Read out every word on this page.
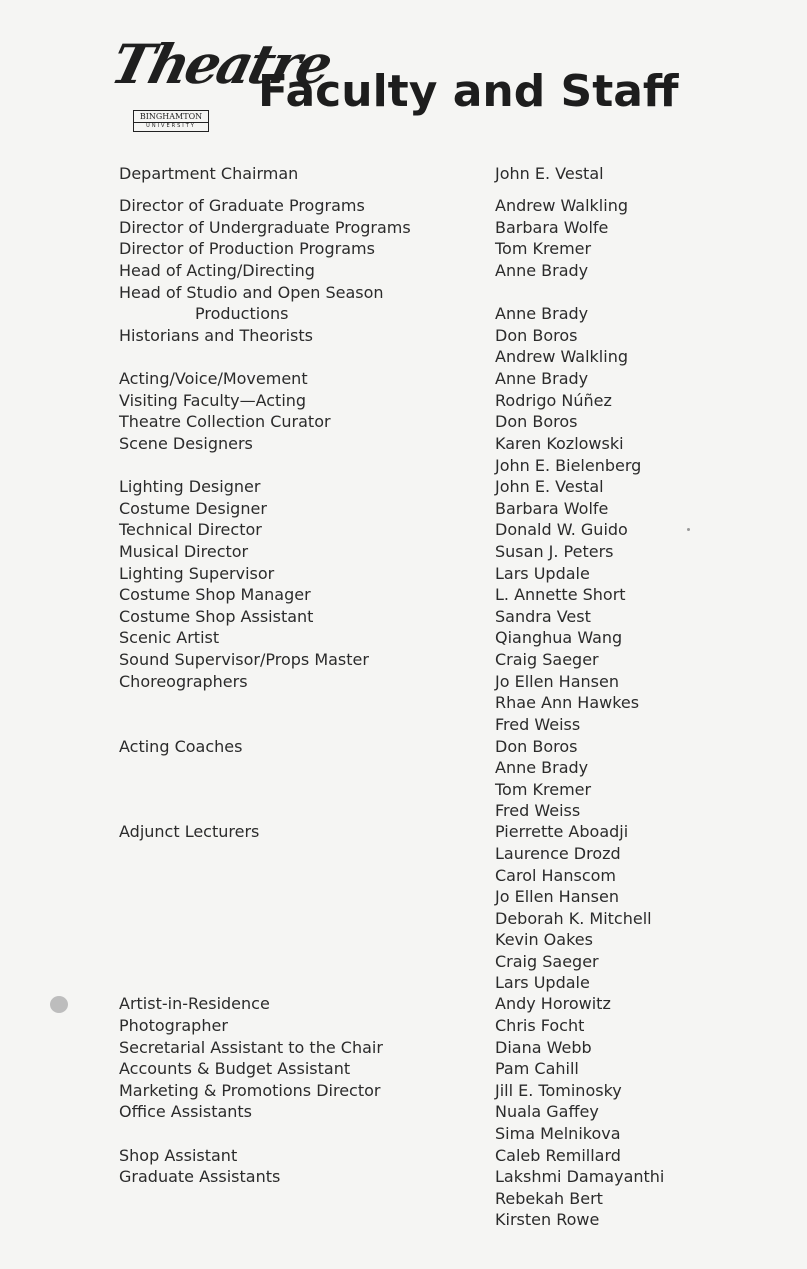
Theatre
BINGHAMTON
UNIVERSITY
Faculty and Staff
Department Chairman
Director of Graduate Programs
Director of Undergraduate Programs
Director of Production Programs
Head of Acting/Directing
Head of Studio and Open Season
Productions
Historians and Theorists
Acting/Voice/Movement
Visiting Faculty—Acting
Theatre Collection Curator
Scene Designers
Lighting Designer
Costume Designer
Technical Director
Musical Director
Lighting Supervisor
Costume Shop Manager
Costume Shop Assistant
Scenic Artist
Sound Supervisor/Props Master
Choreographers
Acting Coaches
Adjunct Lecturers
Artist-in-Residence
Photographer
Secretarial Assistant to the Chair
Accounts & Budget Assistant
Marketing & Promotions Director
Office Assistants
Shop Assistant
Graduate Assistants
John E. Vestal
Andrew Walkling
Barbara Wolfe
Tom Kremer
Anne Brady
Anne Brady
Don Boros
Andrew Walkling
Anne Brady
Rodrigo Núñez
Don Boros
Karen Kozlowski
John E. Bielenberg
John E. Vestal
Barbara Wolfe
Donald W. Guido
Susan J. Peters
Lars Updale
L. Annette Short
Sandra Vest
Qianghua Wang
Craig Saeger
Jo Ellen Hansen
Rhae Ann Hawkes
Fred Weiss
Don Boros
Anne Brady
Tom Kremer
Fred Weiss
Pierrette Aboadji
Laurence Drozd
Carol Hanscom
Jo Ellen Hansen
Deborah K. Mitchell
Kevin Oakes
Craig Saeger
Lars Updale
Andy Horowitz
Chris Focht
Diana Webb
Pam Cahill
Jill E. Tominosky
Nuala Gaffey
Sima Melnikova
Caleb Remillard
Lakshmi Damayanthi
Rebekah Bert
Kirsten Rowe
